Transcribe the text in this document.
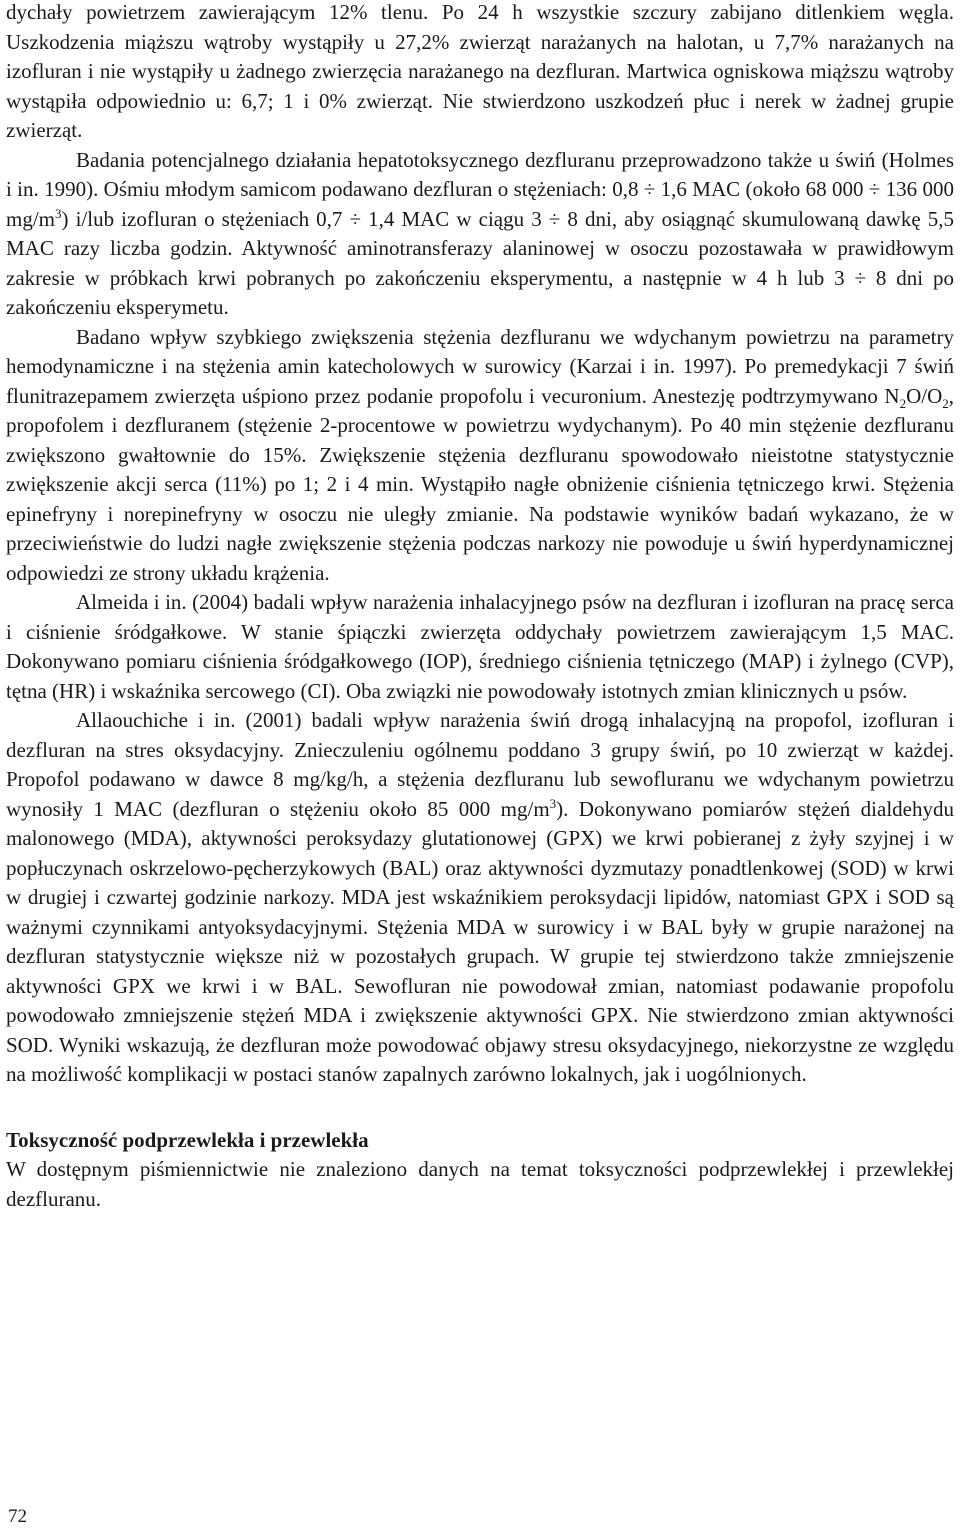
dychały powietrzem zawierającym 12% tlenu. Po 24 h wszystkie szczury zabijano ditlenkiem węgla. Uszkodzenia miąższu wątroby wystąpiły u 27,2% zwierząt narażanych na halotan, u 7,7% narażanych na izofluran i nie wystąpiły u żadnego zwierzęcia narażanego na dezfluran. Martwica ogniskowa miąższu wątroby wystąpiła odpowiednio u: 6,7; 1 i 0% zwierząt. Nie stwierdzono uszkodzeń płuc i nerek w żadnej grupie zwierząt.

Badania potencjalnego działania hepatotoksycznego dezfluranu przeprowadzono także u świń (Holmes i in. 1990). Ośmiu młodym samicom podawano dezfluran o stężeniach: 0,8 ÷ 1,6 MAC (około 68 000 ÷ 136 000 $mg/m^3$) i/lub izofluran o stężeniach 0,7 ÷ 1,4 MAC w ciągu 3 ÷ 8 dni, aby osiągnąć skumulowaną dawkę 5,5 MAC razy liczba godzin. Aktywność aminotransferazy alaninowej w osoczu pozostawała w prawidłowym zakresie w próbkach krwi pobranych po zakończeniu eksperymentu, a następnie w 4 h lub 3 ÷ 8 dni po zakończeniu eksperymetu.

Badano wpływ szybkiego zwiększenia stężenia dezfluranu we wdychanym powietrzu na parametry hemodynamiczne i na stężenia amin katecholowych w surowicy (Karzai i in. 1997). Po premedykacji 7 świń flunitrazepamem zwierzęta uśpiono przez podanie propofolu i vecuronium. Anestezję podtrzymywano $N_2O/O_2$, propofolem i dezfluranem (stężenie 2-procentowe w powietrzu wydychanym). Po 40 min stężenie dezfluranu zwiększono gwałtownie do 15%. Zwiększenie stężenia dezfluranu spowodowało nieistotne statystycznie zwiększenie akcji serca (11%) po 1; 2 i 4 min. Wystąpiło nagłe obniżenie ciśnienia tętniczego krwi. Stężenia epinefryny i norepinefryny w osoczu nie uległy zmianie. Na podstawie wyników badań wykazano, że w przeciwieństwie do ludzi nagłe zwiększenie stężenia podczas narkozy nie powoduje u świń hyperdynamicznej odpowiedzi ze strony układu krążenia.

Almeida i in. (2004) badali wpływ narażenia inhalacyjnego psów na dezfluran i izofluran na pracę serca i ciśnienie śródgałkowe. W stanie śpiączki zwierzęta oddychały powietrzem zawierającym 1,5 MAC. Dokonywano pomiaru ciśnienia śródgałkowego (IOP), średniego ciśnienia tętniczego (MAP) i żylnego (CVP), tętna (HR) i wskaźnika sercowego (CI). Oba związki nie powodowały istotnych zmian klinicznych u psów.

Allaouchiche i in. (2001) badali wpływ narażenia świń drogą inhalacyjną na propofol, izofluran i dezfluran na stres oksydacyjny. Znieczuleniu ogólnemu poddano 3 grupy świń, po 10 zwierząt w każdej. Propofol podawano w dawce 8 mg/kg/h, a stężenia dezfluranu lub sewofluranu we wdychanym powietrzu wynosiły 1 MAC (dezfluran o stężeniu około 85 000 $mg/m^3$). Dokonywano pomiarów stężeń dialdehydu malonowego (MDA), aktywności peroksydazy glutationowej (GPX) we krwi pobieranej z żyły szyjnej i w popłuczynach oskrzelowo-pęcherzykowych (BAL) oraz aktywności dyzmutazy ponadtlenkowej (SOD) w krwi w drugiej i czwartej godzinie narkozy. MDA jest wskaźnikiem peroksydacji lipidów, natomiast GPX i SOD są ważnymi czynnikami antyoksydacyjnymi. Stężenia MDA w surowicy i w BAL były w grupie narażonej na dezfluran statystycznie większe niż w pozostałych grupach. W grupie tej stwierdzono także zmniejszenie aktywności GPX we krwi i w BAL. Sewofluran nie powodował zmian, natomiast podawanie propofolu powodowało zmniejszenie stężeń MDA i zwiększenie aktywności GPX. Nie stwierdzono zmian aktywności SOD. Wyniki wskazują, że dezfluran może powodować objawy stresu oksydacyjnego, niekorzystne ze względu na możliwość komplikacji w postaci stanów zapalnych zarówno lokalnych, jak i uogólnionych.

Toksyczność podprzewlekła i przewlekła

W dostępnym piśmiennictwie nie znaleziono danych na temat toksyczności podprzewlekłej i przewlekłej dezfluranu.

72
